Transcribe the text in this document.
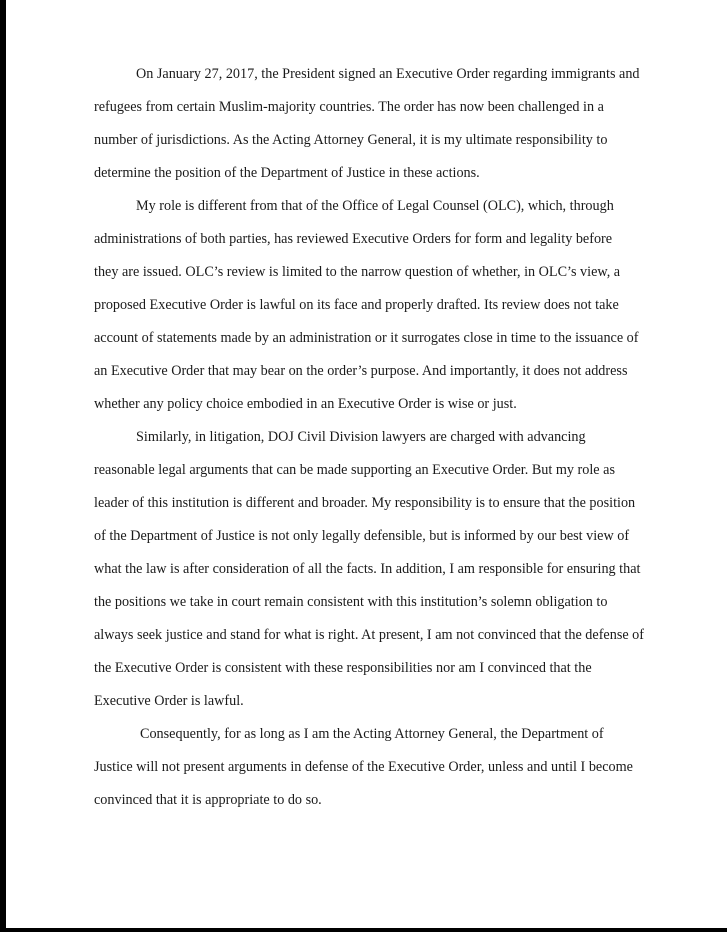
On January 27, 2017, the President signed an Executive Order regarding immigrants and

refugees from certain Muslim-majority countries. The order has now been challenged in a

number of jurisdictions. As the Acting Attorney General, it is my ultimate responsibility to

determine the position of the Department of Justice in these actions.

My role is different from that of the Office of Legal Counsel (OLC), which, through

administrations of both parties, has reviewed Executive Orders for form and legality before

they are issued. OLC’s review is limited to the narrow question of whether, in OLC’s view, a

proposed Executive Order is lawful on its face and properly drafted. Its review does not take

account of statements made by an administration or it surrogates close in time to the issuance of

an Executive Order that may bear on the order’s purpose. And importantly, it does not address

whether any policy choice embodied in an Executive Order is wise or just.

Similarly, in litigation, DOJ Civil Division lawyers are charged with advancing

reasonable legal arguments that can be made supporting an Executive Order. But my role as

leader of this institution is different and broader. My responsibility is to ensure that the position

of the Department of Justice is not only legally defensible, but is informed by our best view of

what the law is after consideration of all the facts. In addition, I am responsible for ensuring that

the positions we take in court remain consistent with this institution’s solemn obligation to

always seek justice and stand for what is right. At present, I am not convinced that the defense of

the Executive Order is consistent with these responsibilities nor am I convinced that the

Executive Order is lawful.

Consequently, for as long as I am the Acting Attorney General, the Department of

Justice will not present arguments in defense of the Executive Order, unless and until I become

convinced that it is appropriate to do so.
